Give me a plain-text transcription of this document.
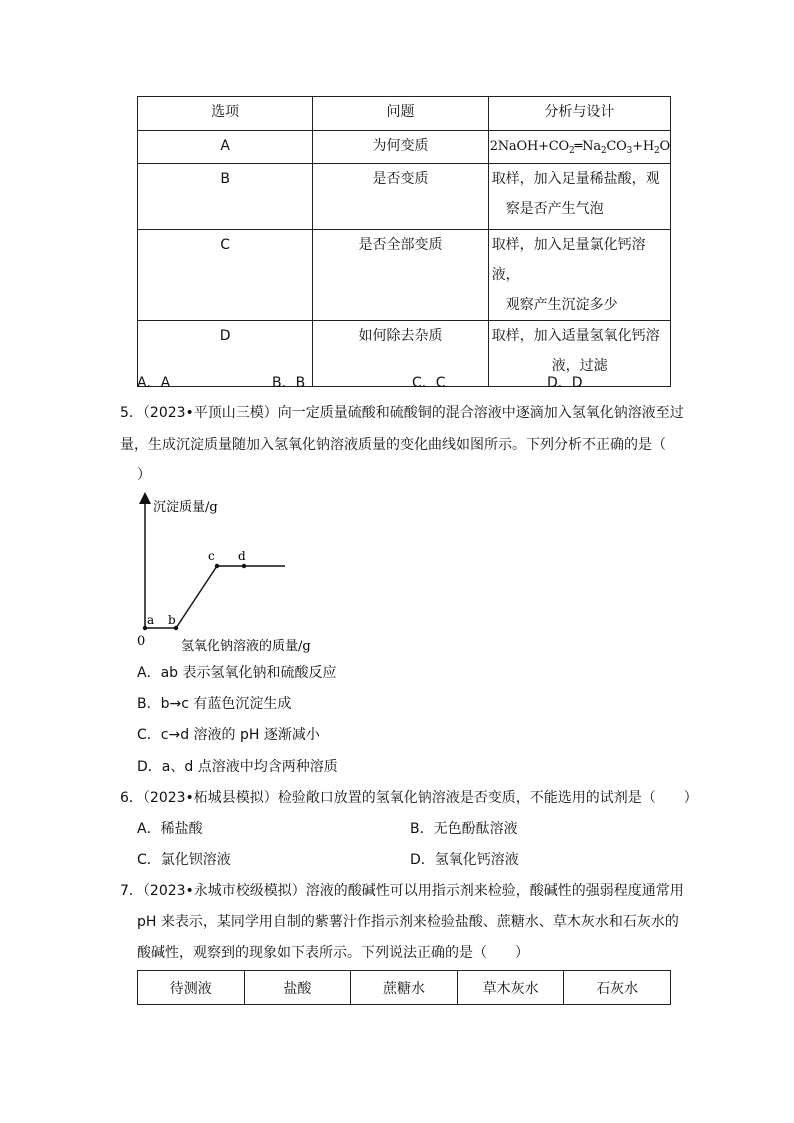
选项	问题	分析与设计
A	为何变质	$2NaOH+CO_2═Na_2CO_3+H_2O$
B	是否变质	取样，加入足量稀盐酸，观
察是否产生气泡
C	是否全部变质	取样，加入足量氯化钙溶液，
观察产生沉淀多少
D	如何除去杂质	取样，加入适量氢氧化钙溶
液，过滤
A．A	B．B	C．C	D．D
5．（2023•平顶山三模）向一定质量硫酸和硫酸铜的混合溶液中逐滴加入氢氧化钠溶液至过
量，生成沉淀质量随加入氢氧化钠溶液质量的变化曲线如图所示。下列分析不正确的是（
）
沉淀质量/g
氢氧化钠溶液的质量/g
0
a b
c d
A．ab 表示氢氧化钠和硫酸反应
B．b→c 有蓝色沉淀生成
C．c→d 溶液的 pH 逐渐减小
D．a、d 点溶液中均含两种溶质
6．（2023•柘城县模拟）检验敞口放置的氢氧化钠溶液是否变质，不能选用的试剂是（　　）
A．稀盐酸	B．无色酚酞溶液
C．氯化钡溶液	D．氢氧化钙溶液
7．（2023•永城市校级模拟）溶液的酸碱性可以用指示剂来检验，酸碱性的强弱程度通常用
pH 来表示，某同学用自制的紫薯汁作指示剂来检验盐酸、蔗糖水、草木灰水和石灰水的
酸碱性，观察到的现象如下表所示。下列说法正确的是（　　）
待测液	盐酸	蔗糖水	草木灰水	石灰水
